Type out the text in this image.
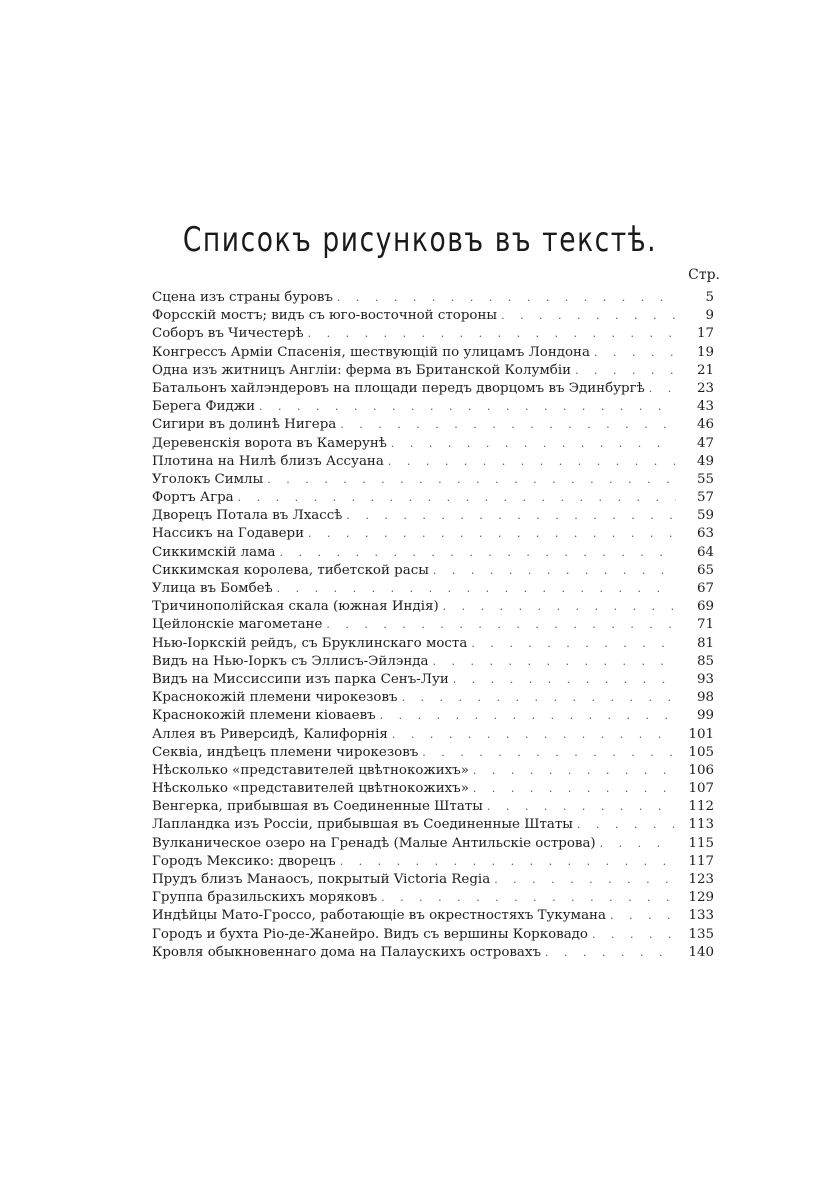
Списокъ рисунковъ въ текстѣ.
Стр.
Сцена изъ страны буровъ . . .	5
Форсскій мостъ; видъ съ юго-восточной стороны . . .	9
Соборъ въ Чичестерѣ . . .	17
Конгрессъ Арміи Спасенія, шествующій по улицамъ Лондона . . .	19
Одна изъ житницъ Англіи: ферма въ Британской Колумбіи . . .	21
Батальонъ хайлэндеровъ на площади передъ дворцомъ въ Эдинбургѣ . . .	23
Берега Фиджи . . .	43
Сигири въ долинѣ Нигера . . .	46
Деревенскія ворота въ Камерунѣ . . .	47
Плотина на Нилѣ близъ Ассуана . . .	49
Уголокъ Симлы . . .	55
Фортъ Агра . . .	57
Дворецъ Потала въ Лхассѣ . . .	59
Нассикъ на Годавери . . .	63
Сиккимскій лама . . .	64
Сиккимская королева, тибетской расы . . .	65
Улица въ Бомбеѣ . . .	67
Тричинополійская скала (южная Индія) . . .	69
Цейлонскіе магометане . . .	71
Нью-Іоркскій рейдъ, съ Бруклинскаго моста . . .	81
Видъ на Нью-Іоркъ съ Эллисъ-Эйлэнда . . .	85
Видъ на Миссиссипи изъ парка Сенъ-Луи . . .	93
Краснокожій племени чирокезовъ . . .	98
Краснокожій племени кіоваевъ . . .	99
Аллея въ Риверсидѣ, Калифорнія . . .	101
Секвіа, индѣецъ племени чирокезовъ . . .	105
Нѣсколько «представителей цвѣтнокожихъ» . . .	106
Нѣсколько «представителей цвѣтнокожихъ» . . .	107
Венгерка, прибывшая въ Соединенные Штаты . . .	112
Лапландка изъ Россіи, прибывшая въ Соединенные Штаты . . .	113
Вулканическое озеро на Гренадѣ (Малые Антильскіе острова) . . .	115
Городъ Мексико: дворецъ . . .	117
Прудъ близъ Манаосъ, покрытый Victoria Regia . . .	123
Группа бразильскихъ моряковъ . . .	129
Индѣйцы Мато-Гроссо, работающіе въ окрестностяхъ Тукумана . . .	133
Городъ и бухта Ріо-де-Жанейро. Видъ съ вершины Корковадо . . .	135
Кровля обыкновеннаго дома на Палаускихъ островахъ . . .	140
